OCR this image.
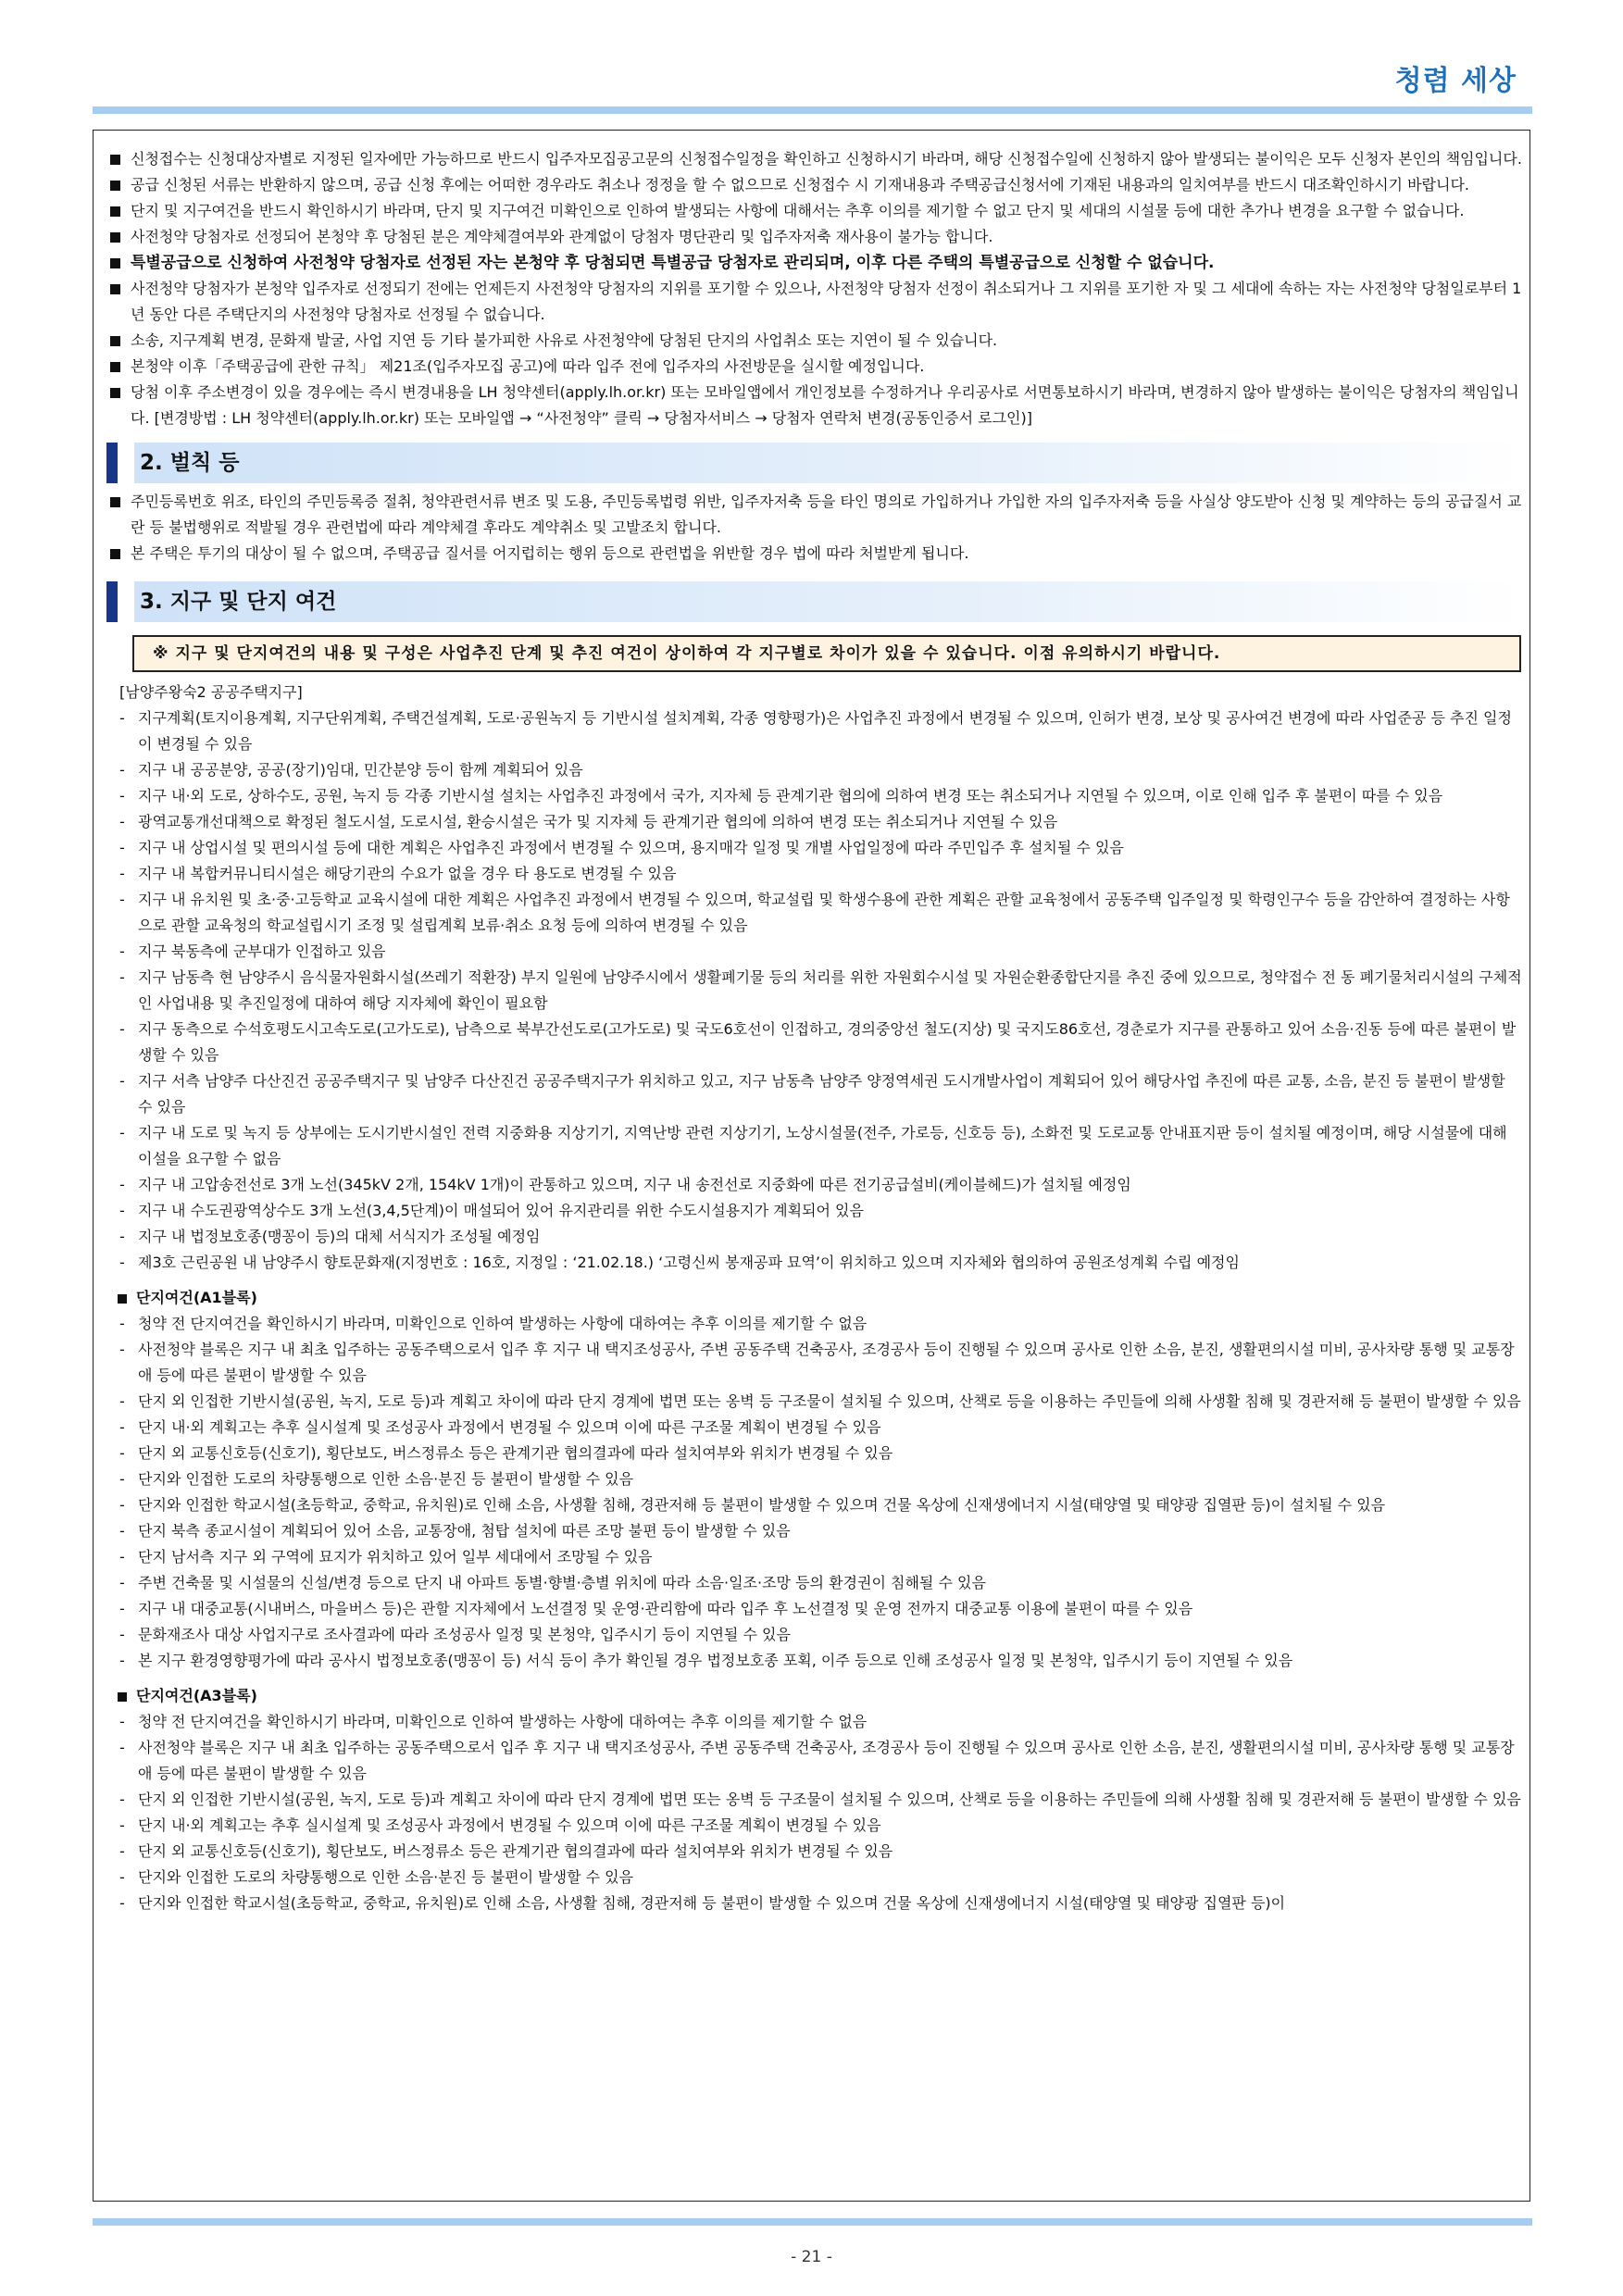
청렴 세상
신청접수는 신청대상자별로 지정된 일자에만 가능하므로 반드시 입주자모집공고문의 신청접수일정을 확인하고 신청하시기 바라며, 해당 신청접수일에 신청하지 않아 발생되는 불이익은 모두 신청자 본인의 책임입니다.
공급 신청된 서류는 반환하지 않으며, 공급 신청 후에는 어떠한 경우라도 취소나 정정을 할 수 없으므로 신청접수 시 기재내용과 주택공급신청서에 기재된 내용과의 일치여부를 반드시 대조확인하시기 바랍니다.
단지 및 지구여건을 반드시 확인하시기 바라며, 단지 및 지구여건 미확인으로 인하여 발생되는 사항에 대해서는 추후 이의를 제기할 수 없고 단지 및 세대의 시설물 등에 대한 추가나 변경을 요구할 수 없습니다.
사전청약 당첨자로 선정되어 본청약 후 당첨된 분은 계약체결여부와 관계없이 당첨자 명단관리 및 입주자저축 재사용이 불가능 합니다.
특별공급으로 신청하여 사전청약 당첨자로 선정된 자는 본청약 후 당첨되면 특별공급 당첨자로 관리되며, 이후 다른 주택의 특별공급으로 신청할 수 없습니다.
사전청약 당첨자가 본청약 입주자로 선정되기 전에는 언제든지 사전청약 당첨자의 지위를 포기할 수 있으나, 사전청약 당첨자 선정이 취소되거나 그 지위를 포기한 자 및 그 세대에 속하는 자는 사전청약 당첨일로부터 1년 동안 다른 주택단지의 사전청약 당첨자로 선정될 수 없습니다.
소송, 지구계획 변경, 문화재 발굴, 사업 지연 등 기타 불가피한 사유로 사전청약에 당첨된 단지의 사업취소 또는 지연이 될 수 있습니다.
본청약 이후「주택공급에 관한 규칙」 제21조(입주자모집 공고)에 따라 입주 전에 입주자의 사전방문을 실시할 예정입니다.
당첨 이후 주소변경이 있을 경우에는 즉시 변경내용을 LH 청약센터(apply.lh.or.kr) 또는 모바일앱에서 개인정보를 수정하거나 우리공사로 서면통보하시기 바라며, 변경하지 않아 발생하는 불이익은 당첨자의 책임입니다. [변경방법 : LH 청약센터(apply.lh.or.kr) 또는 모바일앱 → “사전청약” 클릭 → 당첨자서비스 → 당첨자 연락처 변경(공동인증서 로그인)]
2. 벌칙 등
주민등록번호 위조, 타인의 주민등록증 절취, 청약관련서류 변조 및 도용, 주민등록법령 위반, 입주자저축 등을 타인 명의로 가입하거나 가입한 자의 입주자저축 등을 사실상 양도받아 신청 및 계약하는 등의 공급질서 교란 등 불법행위로 적발될 경우 관련법에 따라 계약체결 후라도 계약취소 및 고발조치 합니다.
본 주택은 투기의 대상이 될 수 없으며, 주택공급 질서를 어지럽히는 행위 등으로 관련법을 위반할 경우 법에 따라 처벌받게 됩니다.
3. 지구 및 단지 여건
※ 지구 및 단지여건의 내용 및 구성은 사업추진 단계 및 추진 여건이 상이하여 각 지구별로 차이가 있을 수 있습니다. 이점 유의하시기 바랍니다.
[남양주왕숙2 공공주택지구]
- 지구계획(토지이용계획, 지구단위계획, 주택건설계획, 도로·공원녹지 등 기반시설 설치계획, 각종 영향평가)은 사업추진 과정에서 변경될 수 있으며, 인허가 변경, 보상 및 공사여건 변경에 따라 사업준공 등 추진 일정이 변경될 수 있음
- 지구 내 공공분양, 공공(장기)임대, 민간분양 등이 함께 계획되어 있음
- 지구 내·외 도로, 상하수도, 공원, 녹지 등 각종 기반시설 설치는 사업추진 과정에서 국가, 지자체 등 관계기관 협의에 의하여 변경 또는 취소되거나 지연될 수 있으며, 이로 인해 입주 후 불편이 따를 수 있음
- 광역교통개선대책으로 확정된 철도시설, 도로시설, 환승시설은 국가 및 지자체 등 관계기관 협의에 의하여 변경 또는 취소되거나 지연될 수 있음
- 지구 내 상업시설 및 편의시설 등에 대한 계획은 사업추진 과정에서 변경될 수 있으며, 용지매각 일정 및 개별 사업일정에 따라 주민입주 후 설치될 수 있음
- 지구 내 복합커뮤니티시설은 해당기관의 수요가 없을 경우 타 용도로 변경될 수 있음
- 지구 내 유치원 및 초·중·고등학교 교육시설에 대한 계획은 사업추진 과정에서 변경될 수 있으며, 학교설립 및 학생수용에 관한 계획은 관할 교육청에서 공동주택 입주일정 및 학령인구수 등을 감안하여 결정하는 사항으로 관할 교육청의 학교설립시기 조정 및 설립계획 보류·취소 요청 등에 의하여 변경될 수 있음
- 지구 북동측에 군부대가 인접하고 있음
- 지구 남동측 현 남양주시 음식물자원화시설(쓰레기 적환장) 부지 일원에 남양주시에서 생활폐기물 등의 처리를 위한 자원회수시설 및 자원순환종합단지를 추진 중에 있으므로, 청약접수 전 동 폐기물처리시설의 구체적인 사업내용 및 추진일정에 대하여 해당 지자체에 확인이 필요함
- 지구 동측으로 수석호평도시고속도로(고가도로), 남측으로 북부간선도로(고가도로) 및 국도6호선이 인접하고, 경의중앙선 철도(지상) 및 국지도86호선, 경춘로가 지구를 관통하고 있어 소음·진동 등에 따른 불편이 발생할 수 있음
- 지구 서측 남양주 다산진건 공공주택지구 및 남양주 다산진건 공공주택지구가 위치하고 있고, 지구 남동측 남양주 양정역세권 도시개발사업이 계획되어 있어 해당사업 추진에 따른 교통, 소음, 분진 등 불편이 발생할 수 있음
- 지구 내 도로 및 녹지 등 상부에는 도시기반시설인 전력 지중화용 지상기기, 지역난방 관련 지상기기, 노상시설물(전주, 가로등, 신호등 등), 소화전 및 도로교통 안내표지판 등이 설치될 예정이며, 해당 시설물에 대해 이설을 요구할 수 없음
- 지구 내 고압송전선로 3개 노선(345kV 2개, 154kV 1개)이 관통하고 있으며, 지구 내 송전선로 지중화에 따른 전기공급설비(케이블헤드)가 설치될 예정임
- 지구 내 수도권광역상수도 3개 노선(3,4,5단계)이 매설되어 있어 유지관리를 위한 수도시설용지가 계획되어 있음
- 지구 내 법정보호종(맹꽁이 등)의 대체 서식지가 조성될 예정임
- 제3호 근린공원 내 남양주시 향토문화재(지정번호 : 16호, 지정일 : ‘21.02.18.) ‘고령신씨 봉재공파 묘역’이 위치하고 있으며 지자체와 협의하여 공원조성계획 수립 예정임
단지여건(A1블록)
- 청약 전 단지여건을 확인하시기 바라며, 미확인으로 인하여 발생하는 사항에 대하여는 추후 이의를 제기할 수 없음
- 사전청약 블록은 지구 내 최초 입주하는 공동주택으로서 입주 후 지구 내 택지조성공사, 주변 공동주택 건축공사, 조경공사 등이 진행될 수 있으며 공사로 인한 소음, 분진, 생활편의시설 미비, 공사차량 통행 및 교통장애 등에 따른 불편이 발생할 수 있음
- 단지 외 인접한 기반시설(공원, 녹지, 도로 등)과 계획고 차이에 따라 단지 경계에 법면 또는 옹벽 등 구조물이 설치될 수 있으며, 산책로 등을 이용하는 주민들에 의해 사생활 침해 및 경관저해 등 불편이 발생할 수 있음
- 단지 내·외 계획고는 추후 실시설계 및 조성공사 과정에서 변경될 수 있으며 이에 따른 구조물 계획이 변경될 수 있음
- 단지 외 교통신호등(신호기), 횡단보도, 버스정류소 등은 관계기관 협의결과에 따라 설치여부와 위치가 변경될 수 있음
- 단지와 인접한 도로의 차량통행으로 인한 소음·분진 등 불편이 발생할 수 있음
- 단지와 인접한 학교시설(초등학교, 중학교, 유치원)로 인해 소음, 사생활 침해, 경관저해 등 불편이 발생할 수 있으며 건물 옥상에 신재생에너지 시설(태양열 및 태양광 집열판 등)이 설치될 수 있음
- 단지 북측 종교시설이 계획되어 있어 소음, 교통장애, 첨탑 설치에 따른 조망 불편 등이 발생할 수 있음
- 단지 남서측 지구 외 구역에 묘지가 위치하고 있어 일부 세대에서 조망될 수 있음
- 주변 건축물 및 시설물의 신설/변경 등으로 단지 내 아파트 동별·향별·층별 위치에 따라 소음·일조·조망 등의 환경권이 침해될 수 있음
- 지구 내 대중교통(시내버스, 마을버스 등)은 관할 지자체에서 노선결정 및 운영·관리함에 따라 입주 후 노선결정 및 운영 전까지 대중교통 이용에 불편이 따를 수 있음
- 문화재조사 대상 사업지구로 조사결과에 따라 조성공사 일정 및 본청약, 입주시기 등이 지연될 수 있음
- 본 지구 환경영향평가에 따라 공사시 법정보호종(맹꽁이 등) 서식 등이 추가 확인될 경우 법정보호종 포획, 이주 등으로 인해 조성공사 일정 및 본청약, 입주시기 등이 지연될 수 있음
단지여건(A3블록)
- 청약 전 단지여건을 확인하시기 바라며, 미확인으로 인하여 발생하는 사항에 대하여는 추후 이의를 제기할 수 없음
- 사전청약 블록은 지구 내 최초 입주하는 공동주택으로서 입주 후 지구 내 택지조성공사, 주변 공동주택 건축공사, 조경공사 등이 진행될 수 있으며 공사로 인한 소음, 분진, 생활편의시설 미비, 공사차량 통행 및 교통장애 등에 따른 불편이 발생할 수 있음
- 단지 외 인접한 기반시설(공원, 녹지, 도로 등)과 계획고 차이에 따라 단지 경계에 법면 또는 옹벽 등 구조물이 설치될 수 있으며, 산책로 등을 이용하는 주민들에 의해 사생활 침해 및 경관저해 등 불편이 발생할 수 있음
- 단지 내·외 계획고는 추후 실시설계 및 조성공사 과정에서 변경될 수 있으며 이에 따른 구조물 계획이 변경될 수 있음
- 단지 외 교통신호등(신호기), 횡단보도, 버스정류소 등은 관계기관 협의결과에 따라 설치여부와 위치가 변경될 수 있음
- 단지와 인접한 도로의 차량통행으로 인한 소음·분진 등 불편이 발생할 수 있음
- 단지와 인접한 학교시설(초등학교, 중학교, 유치원)로 인해 소음, 사생활 침해, 경관저해 등 불편이 발생할 수 있으며 건물 옥상에 신재생에너지 시설(태양열 및 태양광 집열판 등)이
- 21 -
